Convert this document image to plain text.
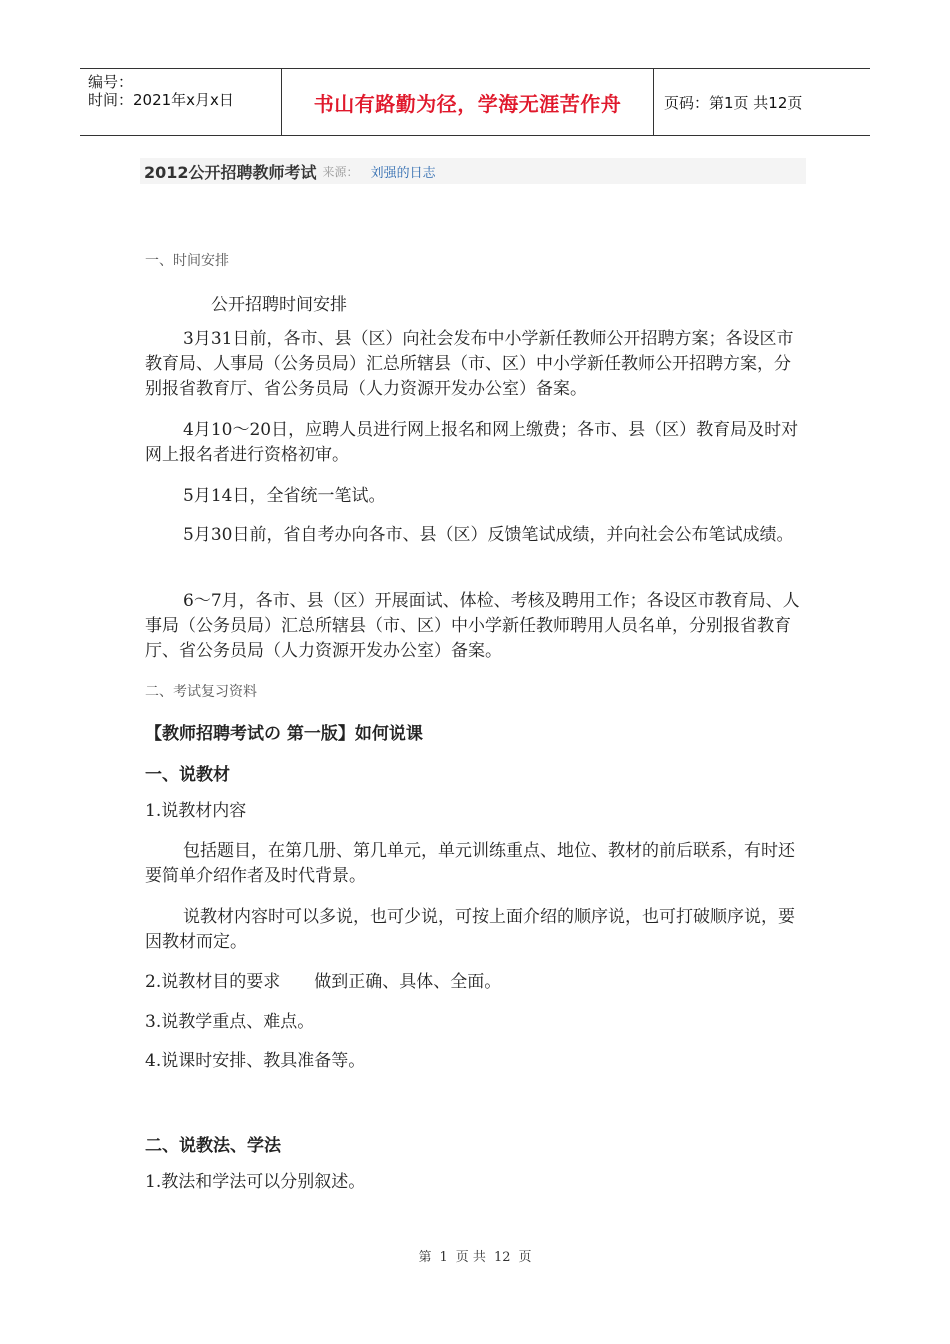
编号：
时间：2021年x月x日	书山有路勤为径，学海无涯苦作舟	页码：第1页 共12页
2012公开招聘教师考试 来源： 刘强的日志
一、时间安排
公开招聘时间安排

3月31日前，各市、县（区）向社会发布中小学新任教师公开招聘方案；各设区市教育局、人事局（公务员局）汇总所辖县（市、区）中小学新任教师公开招聘方案，分别报省教育厅、省公务员局（人力资源开发办公室）备案。

4月10～20日，应聘人员进行网上报名和网上缴费；各市、县（区）教育局及时对网上报名者进行资格初审。

5月14日，全省统一笔试。

5月30日前，省自考办向各市、县（区）反馈笔试成绩，并向社会公布笔试成绩。

6～7月，各市、县（区）开展面试、体检、考核及聘用工作；各设区市教育局、人事局（公务员局）汇总所辖县（市、区）中小学新任教师聘用人员名单，分别报省教育厅、省公务员局（人力资源开发办公室）备案。

二、考试复习资料
【教师招聘考试の 第一版】如何说课
一、说教材
1.说教材内容

包括题目，在第几册、第几单元，单元训练重点、地位、教材的前后联系，有时还要简单介绍作者及时代背景。

说教材内容时可以多说，也可少说，可按上面介绍的顺序说，也可打破顺序说，要因教材而定。

2.说教材目的要求　　做到正确、具体、全面。
3.说教学重点、难点。
4.说课时安排、教具准备等。
二、说教法、学法
1.教法和学法可以分别叙述。
第 1 页 共 12 页
